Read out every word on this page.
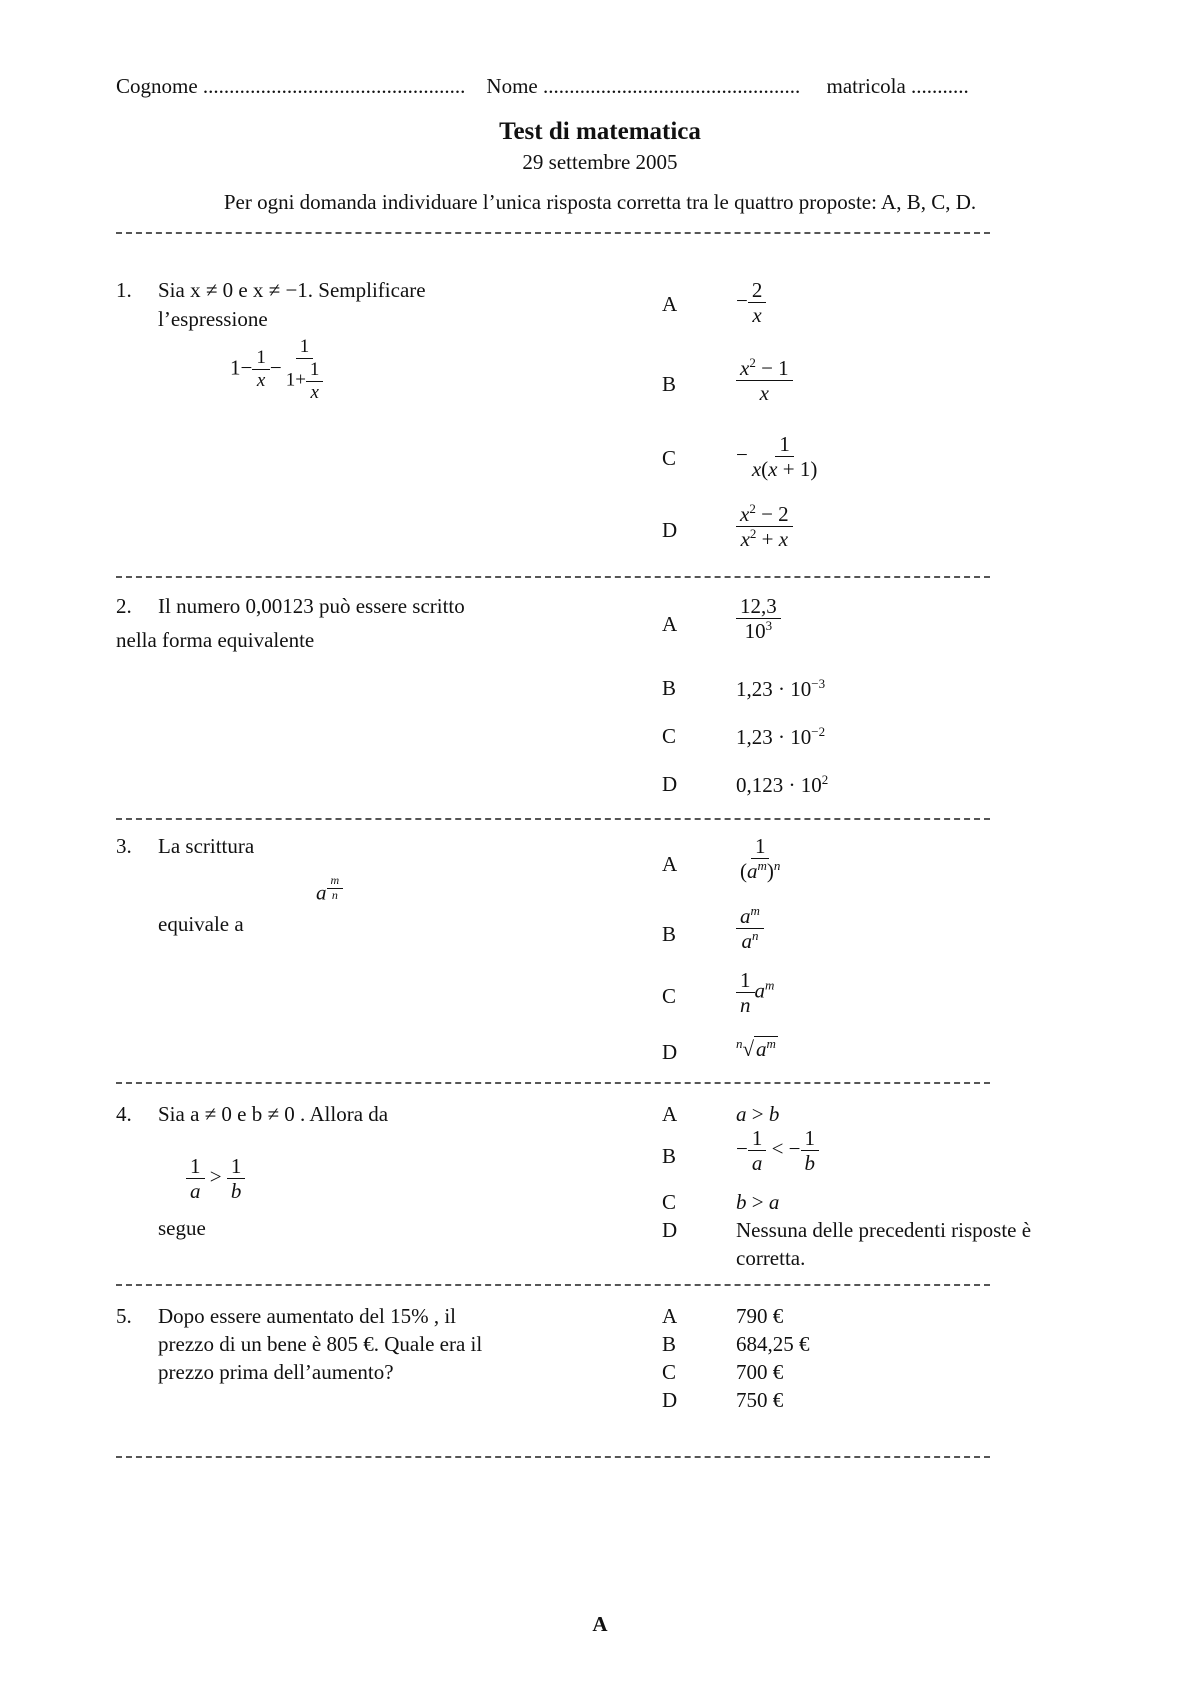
Cognome .................................................. Nome ................................................. matricola ...........
Test di matematica
29 settembre 2005
Per ogni domanda individuare l’unica risposta corretta tra le quattro proposte: A, B, C, D.
1. Sia x ≠ 0 e x ≠ −1. Semplificare
l’espressione
$1- \frac{1}{x} - \frac{1}{1+ \frac{1}{x}}$
A	− $\frac{2}{x}$
B	$\frac{x^2 - 1}{x}$
C	− $\frac{1}{x(x + 1)}$
D	$\frac{x^2 - 2}{x^2 + x}$
2. Il numero 0,00123 può essere scritto
nella forma equivalente
A	$\frac{12,3}{10^3}$
B	$1,23 \cdot 10^{-3}$
C	$1,23 \cdot 10^{-2}$
D	$0,123 \cdot 10^2$
3. La scrittura
a $^{\frac{m}{n}}$
equivale a
A	$\frac{1}{(a^m)^n}$
B	$\frac{a^m}{a^n}$
C	$\frac{1}{n} a^m$
D	$^n√a^m$
4. Sia a ≠ 0 e b ≠ 0 . Allora da
$\frac{1}{a} > \frac{1}{b}$
segue
A	a > b
B	− $\frac{1}{a}$ < − $\frac{1}{b}$
C	b > a
D	Nessuna delle precedenti risposte è
corretta.
5. Dopo essere aumentato del 15% , il
prezzo di un bene è 805 €. Quale era il
prezzo prima dell’aumento?
A	790 €
B	684,25 €
C	700 €
D	750 €
A
